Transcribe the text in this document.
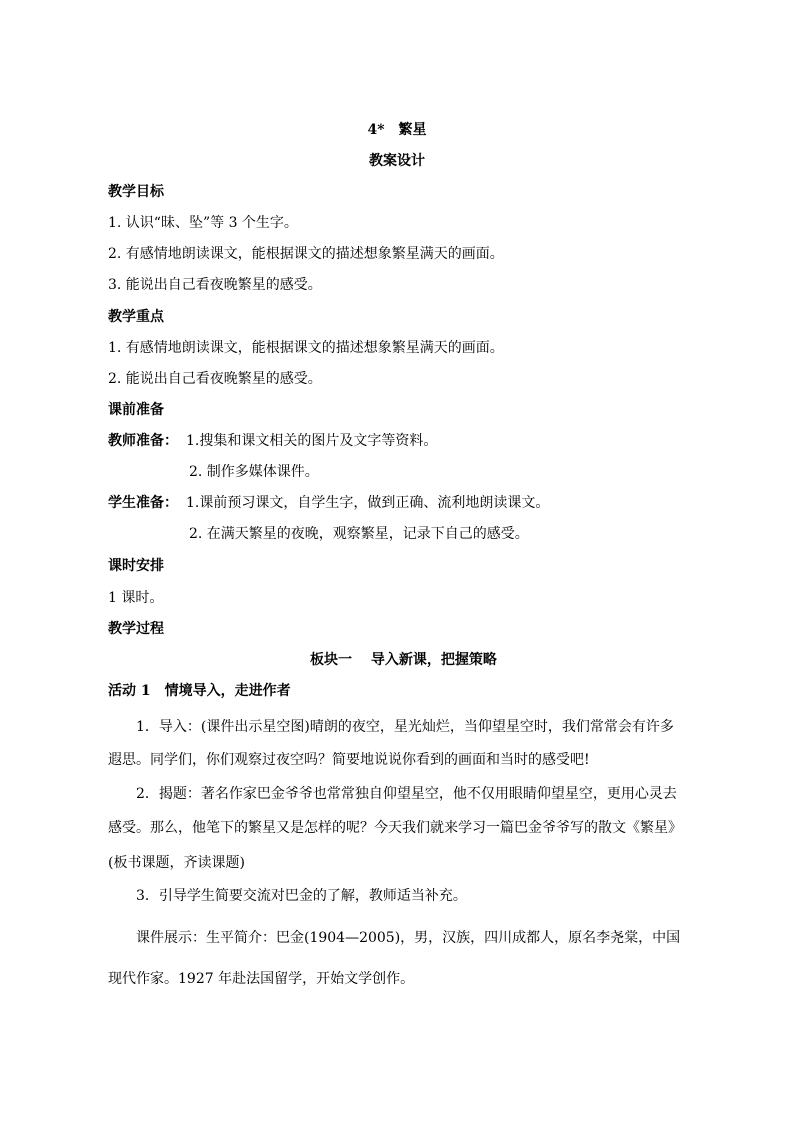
4*　繁星
教案设计
教学目标
1. 认识“昧、坠”等 3 个生字。
2. 有感情地朗读课文，能根据课文的描述想象繁星满天的画面。
3. 能说出自己看夜晚繁星的感受。
教学重点
1. 有感情地朗读课文，能根据课文的描述想象繁星满天的画面。
2. 能说出自己看夜晚繁星的感受。
课前准备
教师准备： 1.搜集和课文相关的图片及文字等资料。
2. 制作多媒体课件。
学生准备： 1.课前预习课文，自学生字，做到正确、流利地朗读课文。
2. 在满天繁星的夜晚，观察繁星，记录下自己的感受。
课时安排
1 课时。
教学过程
板块一　 导入新课，把握策略
活动 1　情境导入，走进作者
1．导入：(课件出示星空图)晴朗的夜空，星光灿烂，当仰望星空时，我们常常会有许多
遐思。同学们，你们观察过夜空吗？简要地说说你看到的画面和当时的感受吧!
2．揭题：著名作家巴金爷爷也常常独自仰望星空，他不仅用眼睛仰望星空，更用心灵去
感受。那么，他笔下的繁星又是怎样的呢？今天我们就来学习一篇巴金爷爷写的散文《繁星》
(板书课题，齐读课题)
3．引导学生简要交流对巴金的了解，教师适当补充。
课件展示：生平简介：巴金(1904—2005)，男，汉族，四川成都人，原名李尧棠，中国
现代作家。1927 年赴法国留学，开始文学创作。
